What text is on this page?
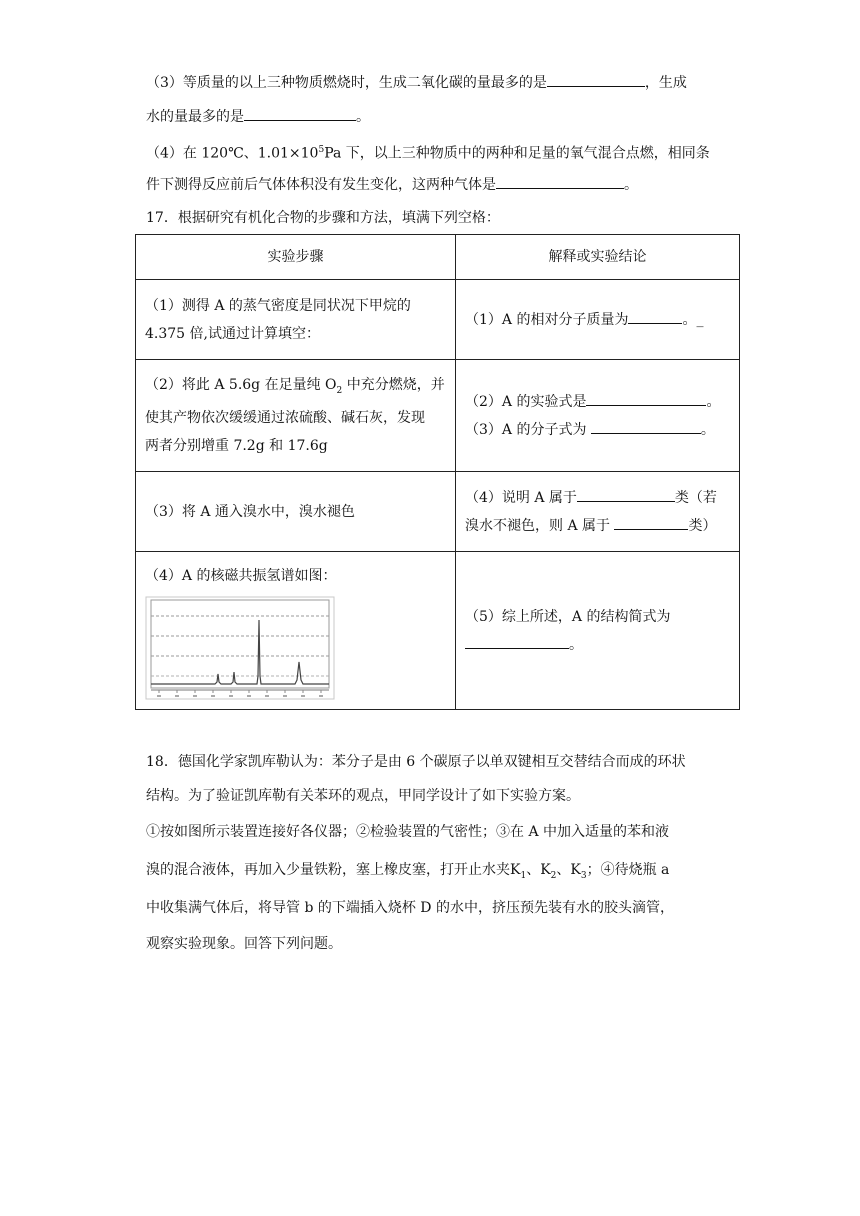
（3）等质量的以上三种物质燃烧时，生成二氧化碳的量最多的是	，生成
水的量最多的是	。
（4）在 120℃、$1.01\times 10^5Pa$ 下，以上三种物质中的两种和足量的氧气混合点燃，相同条
件下测得反应前后气体体积没有发生变化，这两种气体是	。
17．根据研究有机化合物的步骤和方法，填满下列空格：
实验步骤	解释或实验结论

（1）测得 A 的蒸气密度是同状况下甲烷的
4.375 倍,试通过计算填空：	（1）A 的相对分子质量为 。_

（2）将此 A 5.6g 在足量纯 $O_2$ 中充分燃烧，并
使其产物依次缓缓通过浓硫酸、碱石灰，发现
两者分别增重 7.2g 和 17.6g	（2）A 的实验式是 。
（3）A 的分子式为 。

（3）将 A 通入溴水中，溴水褪色	（4）说明 A 属于 类（若
溴水不褪色，则 A 属于 类）

（4）A 的核磁共振氢谱如图：	（5）综上所述，A 的结构简式为
。
18．德国化学家凯库勒认为：苯分子是由 6 个碳原子以单双键相互交替结合而成的环状
结构。为了验证凯库勒有关苯环的观点，甲同学设计了如下实验方案。
①按如图所示装置连接好各仪器；②检验装置的气密性；③在 A 中加入适量的苯和液
溴的混合液体，再加入少量铁粉，塞上橡皮塞，打开止水夹$K_1$、$K_2$、$K_3$；④待烧瓶 a
中收集满气体后，将导管 b 的下端插入烧杯 D 的水中，挤压预先装有水的胶头滴管，
观察实验现象。回答下列问题。
